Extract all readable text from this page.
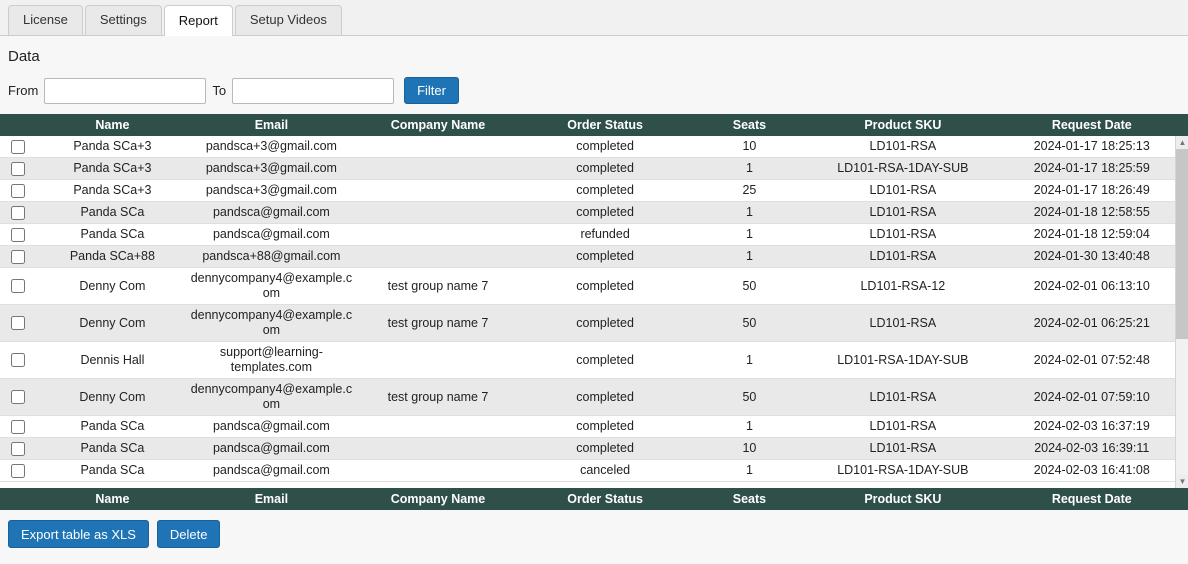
License	Settings	Report	Setup Videos
Data
From	To	Filter
	Name	Email	Company Name	Order Status	Seats	Product SKU	Request Date
	Panda SCa+3	pandsca+3@gmail.com		completed	10	LD101-RSA	2024-01-17 18:25:13
	Panda SCa+3	pandsca+3@gmail.com		completed	1	LD101-RSA-1DAY-SUB	2024-01-17 18:25:59
	Panda SCa+3	pandsca+3@gmail.com		completed	25	LD101-RSA	2024-01-17 18:26:49
	Panda SCa	pandsca@gmail.com		completed	1	LD101-RSA	2024-01-18 12:58:55
	Panda SCa	pandsca@gmail.com		refunded	1	LD101-RSA	2024-01-18 12:59:04
	Panda SCa+88	pandsca+88@gmail.com		completed	1	LD101-RSA	2024-01-30 13:40:48
	Denny Com	dennycompany4@example.com	test group name 7	completed	50	LD101-RSA-12	2024-02-01 06:13:10
	Denny Com	dennycompany4@example.com	test group name 7	completed	50	LD101-RSA	2024-02-01 06:25:21
	Dennis Hall	support@learning-templates.com		completed	1	LD101-RSA-1DAY-SUB	2024-02-01 07:52:48
	Denny Com	dennycompany4@example.com	test group name 7	completed	50	LD101-RSA	2024-02-01 07:59:10
	Panda SCa	pandsca@gmail.com		completed	1	LD101-RSA	2024-02-03 16:37:19
	Panda SCa	pandsca@gmail.com		completed	10	LD101-RSA	2024-02-03 16:39:11
	Panda SCa	pandsca@gmail.com		canceled	1	LD101-RSA-1DAY-SUB	2024-02-03 16:41:08
▲
▼
	Name	Email	Company Name	Order Status	Seats	Product SKU	Request Date
Export table as XLS	Delete
